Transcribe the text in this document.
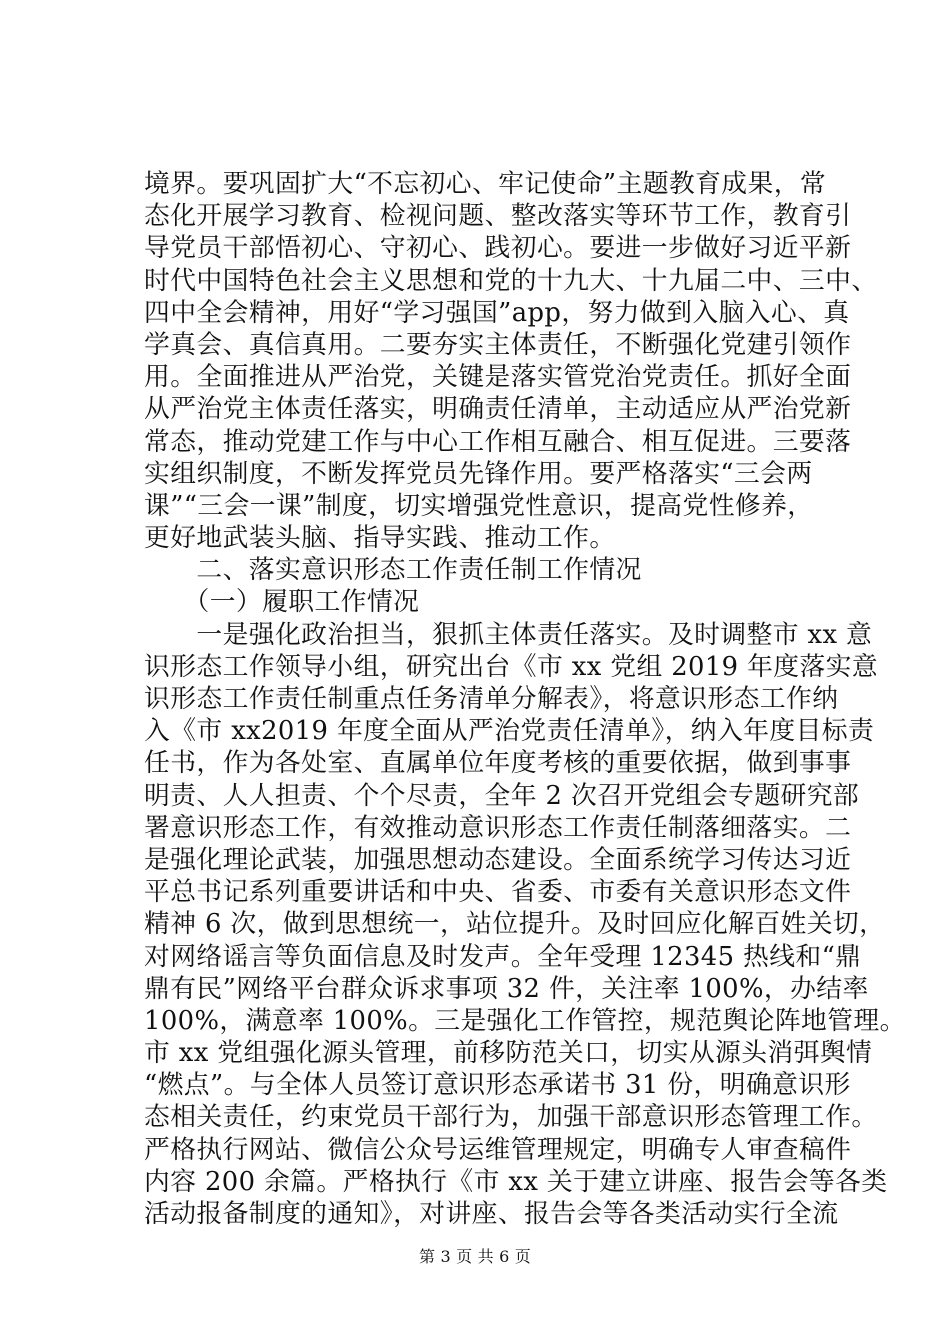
境界。要巩固扩大“不忘初心、牢记使命”主题教育成果，常
态化开展学习教育、检视问题、整改落实等环节工作，教育引
导党员干部悟初心、守初心、践初心。要进一步做好习近平新
时代中国特色社会主义思想和党的十九大、十九届二中、三中、
四中全会精神，用好“学习强国”app，努力做到入脑入心、真
学真会、真信真用。二要夯实主体责任，不断强化党建引领作
用。全面推进从严治党，关键是落实管党治党责任。抓好全面
从严治党主体责任落实，明确责任清单，主动适应从严治党新
常态，推动党建工作与中心工作相互融合、相互促进。三要落
实组织制度，不断发挥党员先锋作用。要严格落实“三会两
课”“三会一课”制度，切实增强党性意识，提高党性修养，
更好地武装头脑、指导实践、推动工作。
　　二、落实意识形态工作责任制工作情况
　　（一）履职工作情况
　　一是强化政治担当，狠抓主体责任落实。及时调整市 xx 意
识形态工作领导小组，研究出台《市 xx 党组 2019 年度落实意
识形态工作责任制重点任务清单分解表》，将意识形态工作纳
入《市 xx2019 年度全面从严治党责任清单》，纳入年度目标责
任书，作为各处室、直属单位年度考核的重要依据，做到事事
明责、人人担责、个个尽责，全年 2 次召开党组会专题研究部
署意识形态工作，有效推动意识形态工作责任制落细落实。二
是强化理论武装，加强思想动态建设。全面系统学习传达习近
平总书记系列重要讲话和中央、省委、市委有关意识形态文件
精神 6 次，做到思想统一，站位提升。及时回应化解百姓关切，
对网络谣言等负面信息及时发声。全年受理 12345 热线和“鼎
鼎有民”网络平台群众诉求事项 32 件，关注率 100%，办结率
100%，满意率 100%。三是强化工作管控，规范舆论阵地管理。
市 xx 党组强化源头管理，前移防范关口，切实从源头消弭舆情
“燃点”。与全体人员签订意识形态承诺书 31 份，明确意识形
态相关责任，约束党员干部行为，加强干部意识形态管理工作。
严格执行网站、微信公众号运维管理规定，明确专人审查稿件
内容 200 余篇。严格执行《市 xx 关于建立讲座、报告会等各类
活动报备制度的通知》，对讲座、报告会等各类活动实行全流
第 3 页 共 6 页
